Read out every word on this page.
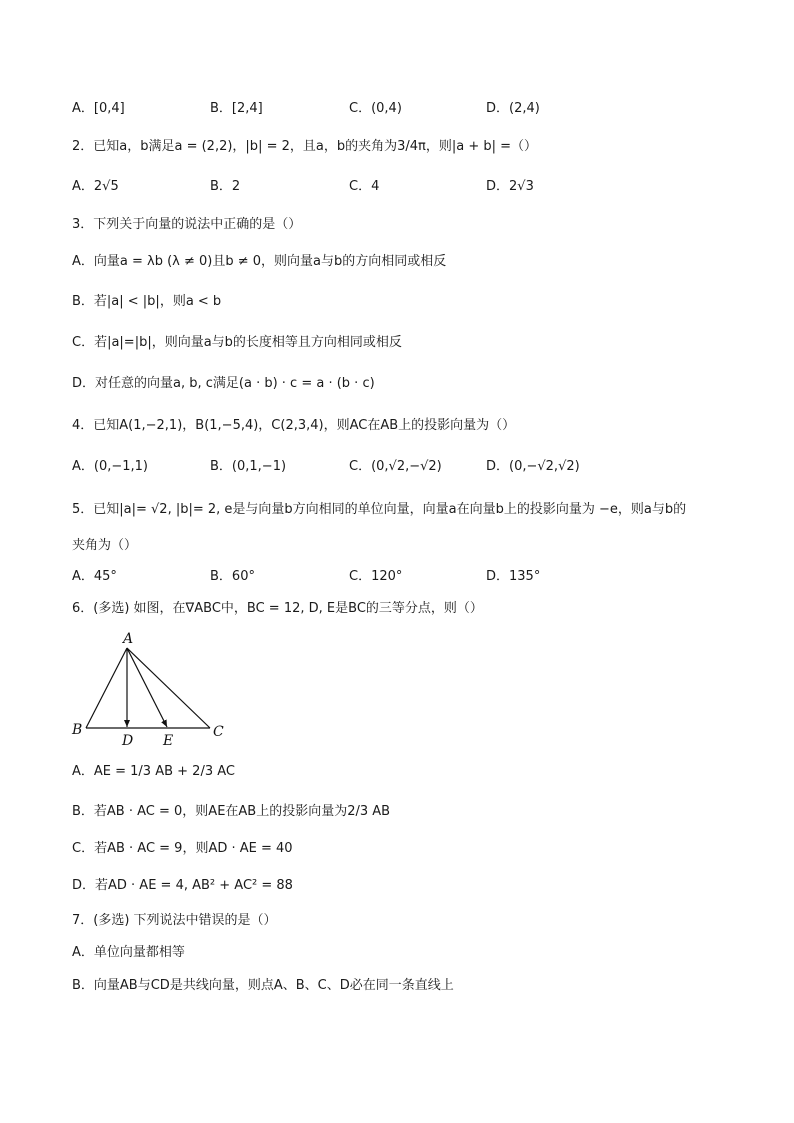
A．[0,4]	B．[2,4]	C．(0,4)	D．(2,4)
2．已知a，b满足a = (2,2)，|b| = 2，且a，b的夹角为3/4π，则|a + b| =（）
A．2√5	B．2	C．4	D．2√3
3．下列关于向量的说法中正确的是（）
A．向量a = λb (λ ≠ 0)且b ≠ 0，则向量a与b的方向相同或相反
B．若|a| < |b|，则a < b
C．若|a|=|b|，则向量a与b的长度相等且方向相同或相反
D．对任意的向量a, b, c满足(a · b) · c = a · (b · c)
4．已知A(1,−2,1)，B(1,−5,4)，C(2,3,4)，则AC在AB上的投影向量为（）
A．(0,−1,1)	B．(0,1,−1)	C．(0,√2,−√2)	D．(0,−√2,√2)
5．已知|a|= √2, |b|= 2, e是与向量b方向相同的单位向量，向量a在向量b上的投影向量为 −e，则a与b的
夹角为（）
A．45°	B．60°	C．120°	D．135°
6．(多选) 如图，在∇ABC中，BC = 12, D, E是BC的三等分点，则（）
A
B	C
D E
A．AE = 1/3 AB + 2/3 AC
B．若AB · AC = 0，则AE在AB上的投影向量为2/3 AB
C．若AB · AC = 9，则AD · AE = 40
D．若AD · AE = 4, AB² + AC² = 88
7．(多选) 下列说法中错误的是（）
A．单位向量都相等
B．向量AB与CD是共线向量，则点A、B、C、D必在同一条直线上
